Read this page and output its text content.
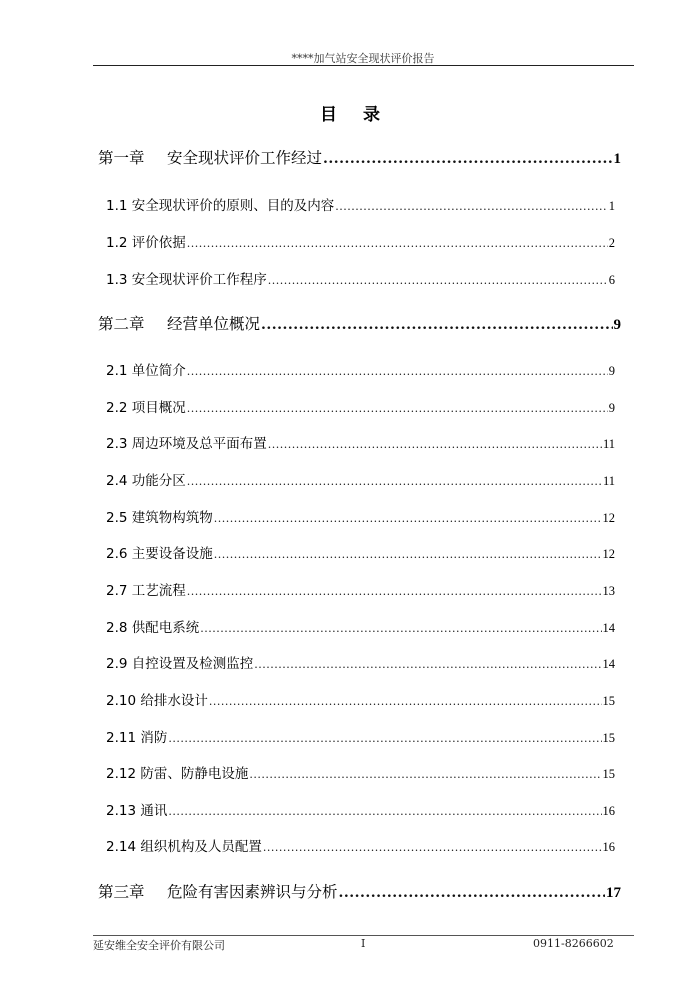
****加气站安全现状评价报告
目录
第一章 安全现状评价工作经过 .....	1
1.1 安全现状评价的原则、目的及内容 .....	1
1.2 评价依据 .....	2
1.3 安全现状评价工作程序 .....	6
第二章 经营单位概况 .....	9
2.1 单位简介 .....	9
2.2 项目概况 .....	9
2.3 周边环境及总平面布置 .....	11
2.4 功能分区 .....	11
2.5 建筑物构筑物 .....	12
2.6 主要设备设施 .....	12
2.7 工艺流程 .....	13
2.8 供配电系统 .....	14
2.9 自控设置及检测监控 .....	14
2.10 给排水设计 .....	15
2.11 消防 .....	15
2.12 防雷、防静电设施 .....	15
2.13 通讯 .....	16
2.14 组织机构及人员配置 .....	16
第三章 危险有害因素辨识与分析 .....	17
延安维全安全评价有限公司	I	0911-8266602
